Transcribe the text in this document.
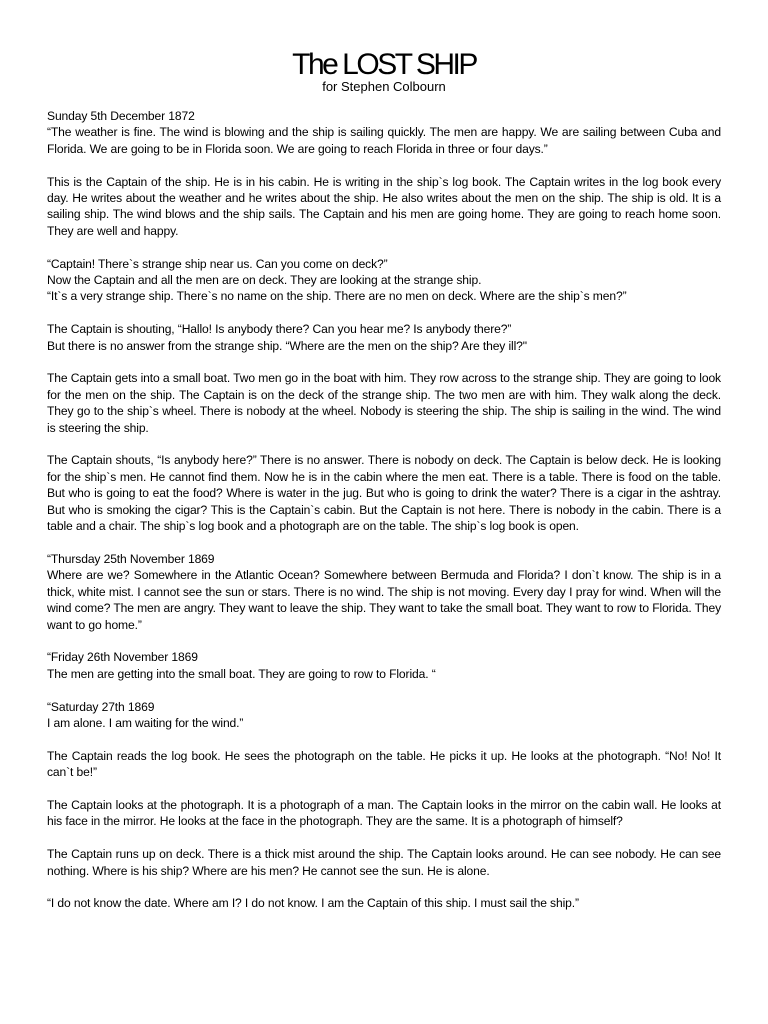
The LOST SHIP
for Stephen Colbourn
Sunday 5th December 1872
“The weather is fine. The wind is blowing and the ship is sailing quickly. The men are happy. We are sailing between Cuba and Florida. We are going to be in Florida soon. We are going to reach Florida in three or four days.”
This is the Captain of the ship. He is in his cabin. He is writing in the ship`s log book. The Captain writes in the log book every day. He writes about the weather and he writes about the ship. He also writes about the men on the ship. The ship is old. It is a sailing ship. The wind blows and the ship sails. The Captain and his men are going home. They are going to reach home soon. They are well and happy.
“Captain! There`s strange ship near us. Can you come on deck?”
Now the Captain and all the men are on deck. They are looking at the strange ship.
“It`s a very strange ship. There`s no name on the ship. There are no men on deck. Where are the ship`s men?”
The Captain is shouting, “Hallo! Is anybody there? Can you hear me? Is anybody there?”
But there is no answer from the strange ship. “Where are the men on the ship? Are they ill?"
The Captain gets into a small boat. Two men go in the boat with him. They row across to the strange ship. They are going to look for the men on the ship. The Captain is on the deck of the strange ship. The two men are with him. They walk along the deck. They go to the ship`s wheel. There is nobody at the wheel. Nobody is steering the ship. The ship is sailing in the wind. The wind is steering the ship.
The Captain shouts, “Is anybody here?” There is no answer. There is nobody on deck. The Captain is below deck. He is looking for the ship`s men. He cannot find them. Now he is in the cabin where the men eat. There is a table. There is food on the table. But who is going to eat the food? Where is water in the jug. But who is going to drink the water? There is a cigar in the ashtray. But who is smoking the cigar? This is the Captain`s cabin. But the Captain is not here. There is nobody in the cabin. There is a table and a chair. The ship`s log book and a photograph are on the table. The ship`s log book is open.
“Thursday 25th November 1869
Where are we? Somewhere in the Atlantic Ocean? Somewhere between Bermuda and Florida? I don`t know. The ship is in a thick, white mist. I cannot see the sun or stars. There is no wind. The ship is not moving. Every day I pray for wind. When will the wind come? The men are angry. They want to leave the ship. They want to take the small boat. They want to row to Florida. They want to go home.”
“Friday 26th November 1869
The men are getting into the small boat. They are going to row to Florida. “
“Saturday 27th 1869
I am alone. I am waiting for the wind.”
The Captain reads the log book. He sees the photograph on the table. He picks it up. He looks at the photograph. “No! No! It can`t be!”
The Captain looks at the photograph. It is a photograph of a man. The Captain looks in the mirror on the cabin wall. He looks at his face in the mirror. He looks at the face in the photograph. They are the same. It is a photograph of himself?
The Captain runs up on deck. There is a thick mist around the ship. The Captain looks around. He can see nobody. He can see nothing. Where is his ship? Where are his men? He cannot see the sun. He is alone.
“I do not know the date. Where am I? I do not know. I am the Captain of this ship. I must sail the ship.”
